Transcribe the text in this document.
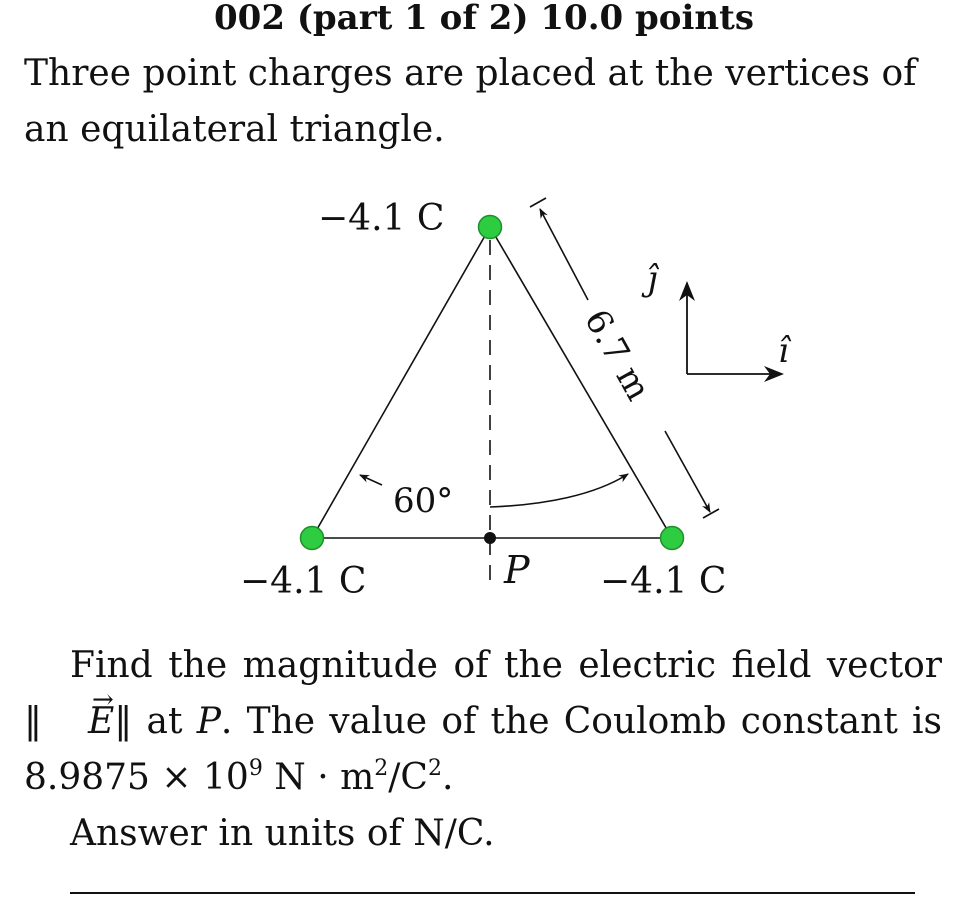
002 (part 1 of 2) 10.0 points
Three point charges are placed at the vertices of an equilateral triangle.
60°
6.7 m
P
−4.1 C
−4.1 C	−4.1 C
ĵ
î

Find the magnitude of the electric field vector ‖→ E‖ at P. The value of the Coulomb constant is $8.9875 \times 10^9$ $N \cdot m^2/C^2$.

Answer in units of N/C.
